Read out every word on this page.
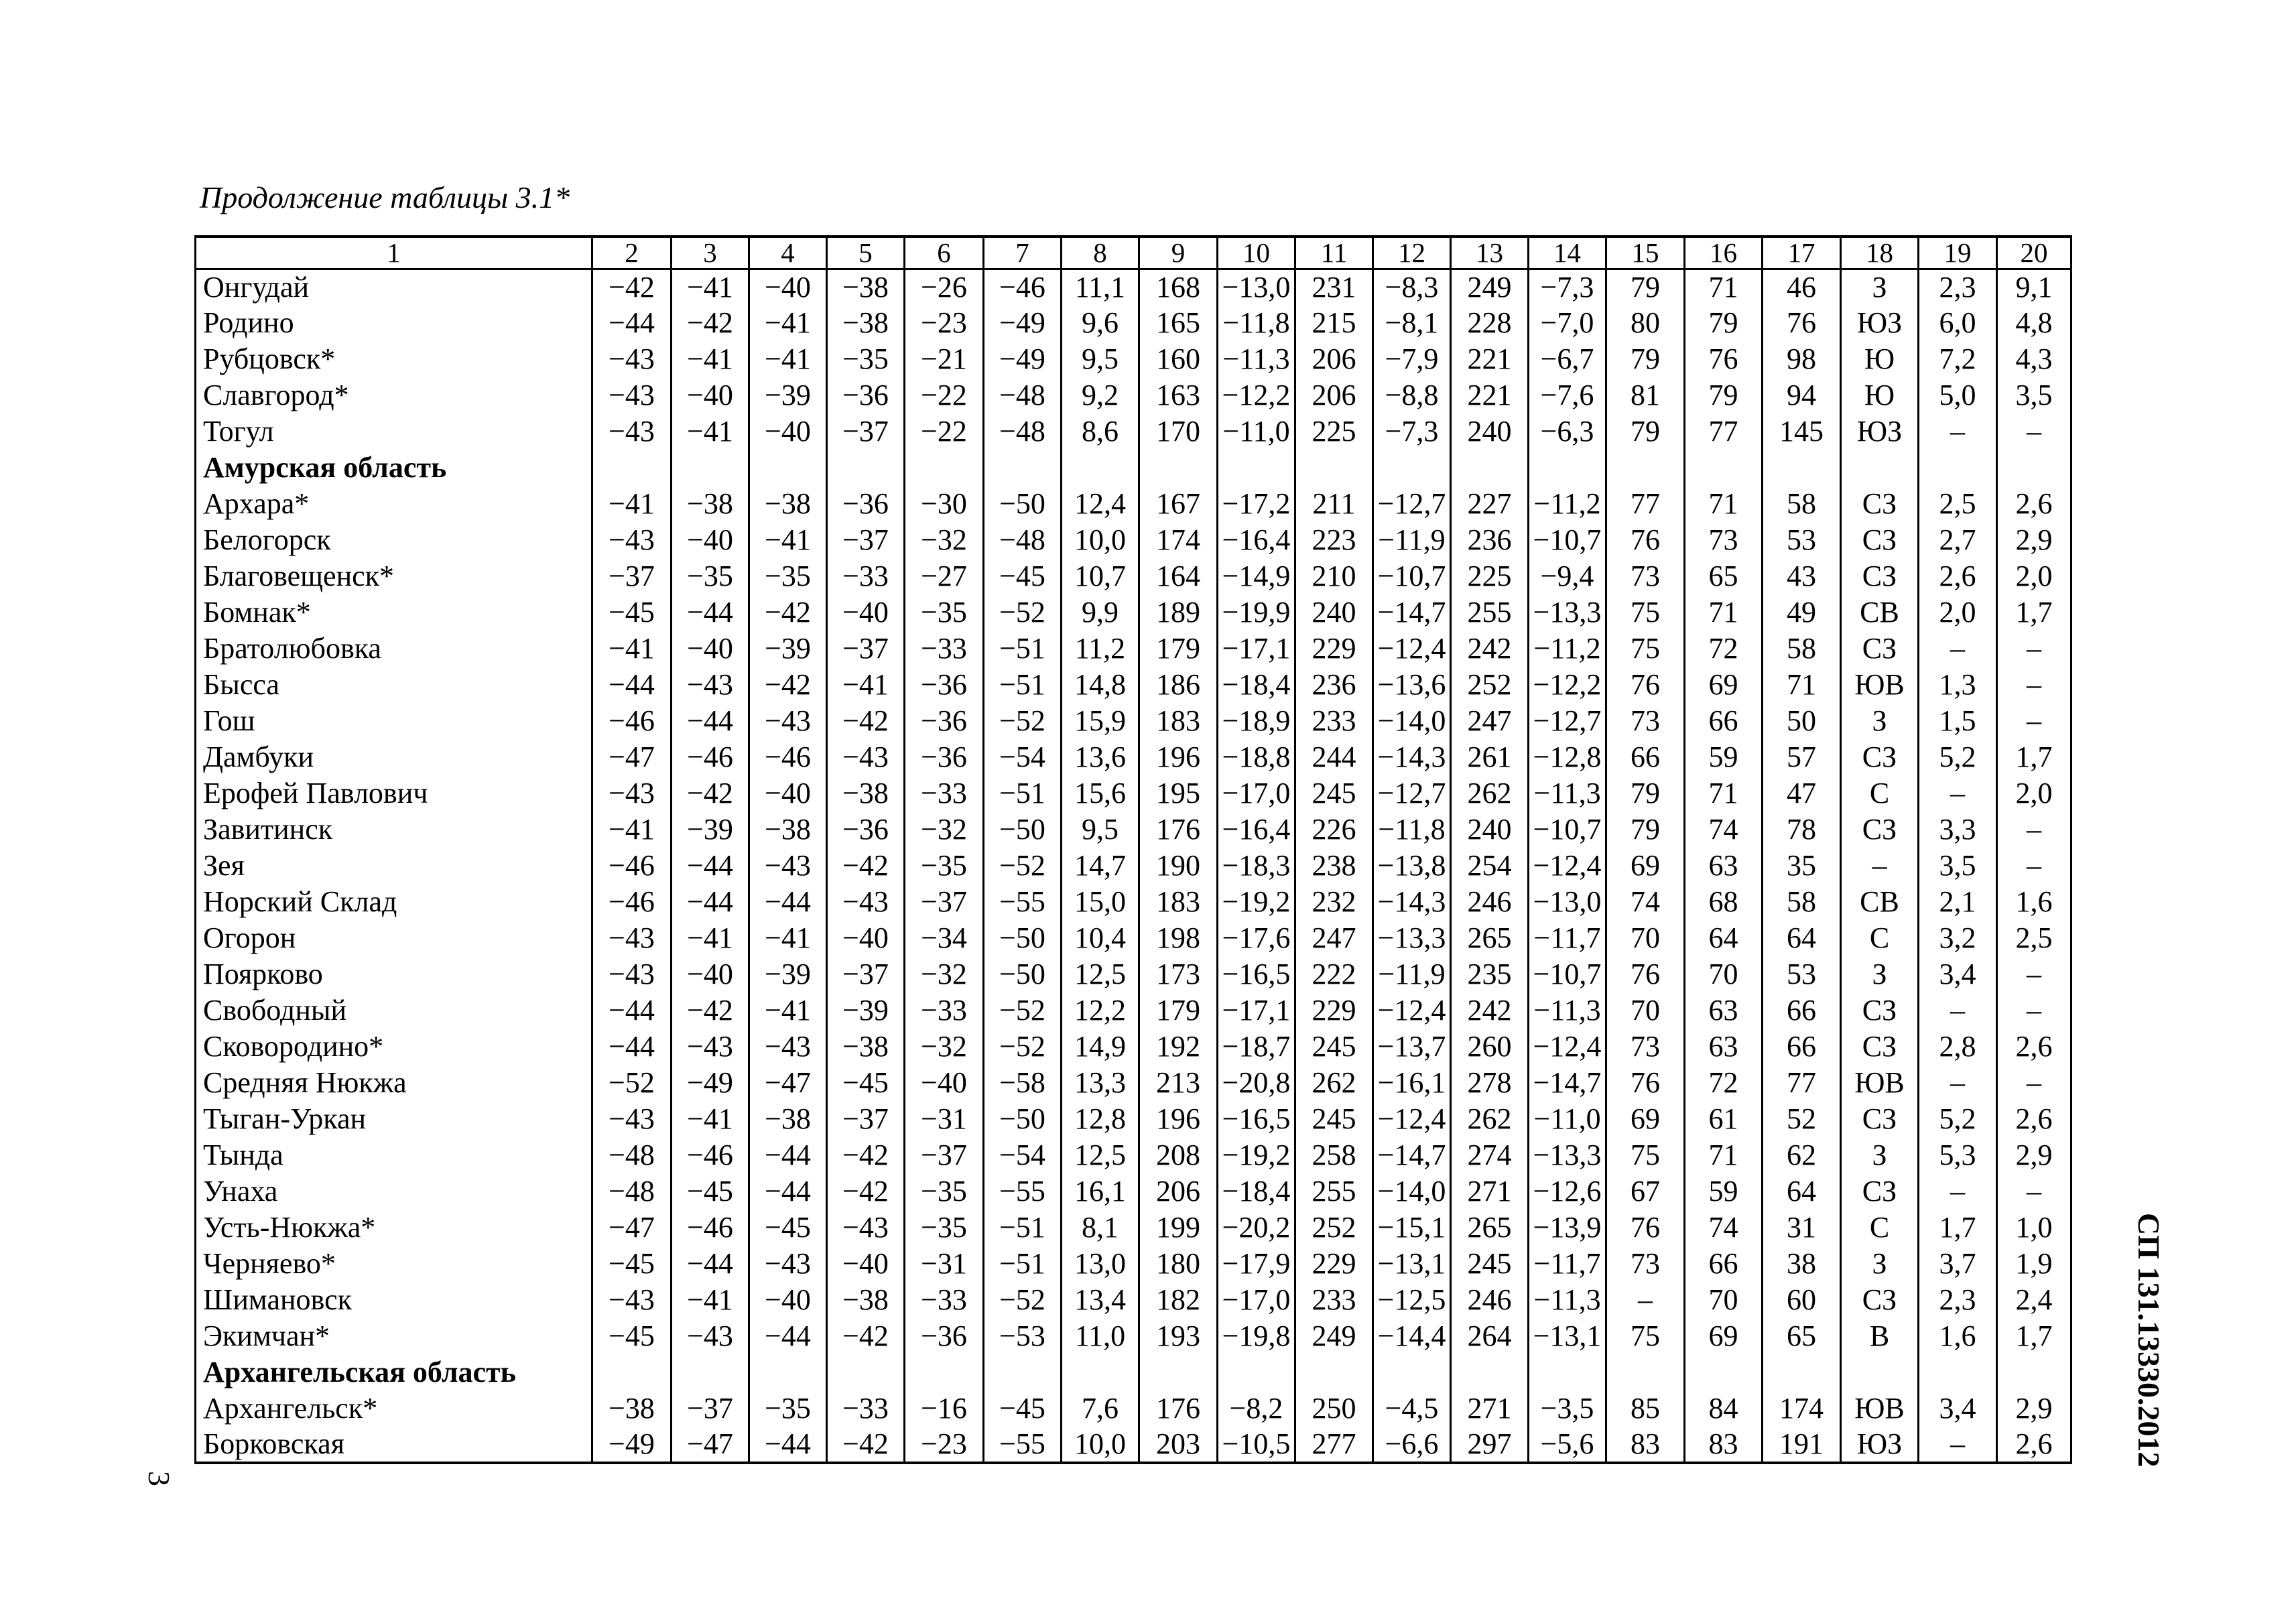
Продолжение таблицы 3.1*
1	2	3	4	5	6	7	8	9	10	11	12	13	14	15	16	17	18	19	20
Онгудай	−42	−41	−40	−38	−26	−46	11,1	168	−13,0	231	−8,3	249	−7,3	79	71	46	З	2,3	9,1
Родино	−44	−42	−41	−38	−23	−49	9,6	165	−11,8	215	−8,1	228	−7,0	80	79	76	ЮЗ	6,0	4,8
Рубцовск*	−43	−41	−41	−35	−21	−49	9,5	160	−11,3	206	−7,9	221	−6,7	79	76	98	Ю	7,2	4,3
Славгород*	−43	−40	−39	−36	−22	−48	9,2	163	−12,2	206	−8,8	221	−7,6	81	79	94	Ю	5,0	3,5
Тогул	−43	−41	−40	−37	−22	−48	8,6	170	−11,0	225	−7,3	240	−6,3	79	77	145	ЮЗ	–	–
Амурская область																			
Архара*	−41	−38	−38	−36	−30	−50	12,4	167	−17,2	211	−12,7	227	−11,2	77	71	58	СЗ	2,5	2,6
Белогорск	−43	−40	−41	−37	−32	−48	10,0	174	−16,4	223	−11,9	236	−10,7	76	73	53	СЗ	2,7	2,9
Благовещенск*	−37	−35	−35	−33	−27	−45	10,7	164	−14,9	210	−10,7	225	−9,4	73	65	43	СЗ	2,6	2,0
Бомнак*	−45	−44	−42	−40	−35	−52	9,9	189	−19,9	240	−14,7	255	−13,3	75	71	49	СВ	2,0	1,7
Братолюбовка	−41	−40	−39	−37	−33	−51	11,2	179	−17,1	229	−12,4	242	−11,2	75	72	58	СЗ	–	–
Бысса	−44	−43	−42	−41	−36	−51	14,8	186	−18,4	236	−13,6	252	−12,2	76	69	71	ЮВ	1,3	–
Гош	−46	−44	−43	−42	−36	−52	15,9	183	−18,9	233	−14,0	247	−12,7	73	66	50	З	1,5	–
Дамбуки	−47	−46	−46	−43	−36	−54	13,6	196	−18,8	244	−14,3	261	−12,8	66	59	57	СЗ	5,2	1,7
Ерофей Павлович	−43	−42	−40	−38	−33	−51	15,6	195	−17,0	245	−12,7	262	−11,3	79	71	47	С	–	2,0
Завитинск	−41	−39	−38	−36	−32	−50	9,5	176	−16,4	226	−11,8	240	−10,7	79	74	78	СЗ	3,3	–
Зея	−46	−44	−43	−42	−35	−52	14,7	190	−18,3	238	−13,8	254	−12,4	69	63	35	–	3,5	–
Норский Склад	−46	−44	−44	−43	−37	−55	15,0	183	−19,2	232	−14,3	246	−13,0	74	68	58	СВ	2,1	1,6
Огорон	−43	−41	−41	−40	−34	−50	10,4	198	−17,6	247	−13,3	265	−11,7	70	64	64	С	3,2	2,5
Поярково	−43	−40	−39	−37	−32	−50	12,5	173	−16,5	222	−11,9	235	−10,7	76	70	53	З	3,4	–
Свободный	−44	−42	−41	−39	−33	−52	12,2	179	−17,1	229	−12,4	242	−11,3	70	63	66	СЗ	–	–
Сковородино*	−44	−43	−43	−38	−32	−52	14,9	192	−18,7	245	−13,7	260	−12,4	73	63	66	СЗ	2,8	2,6
Средняя Нюкжа	−52	−49	−47	−45	−40	−58	13,3	213	−20,8	262	−16,1	278	−14,7	76	72	77	ЮВ	–	–
Тыган-Уркан	−43	−41	−38	−37	−31	−50	12,8	196	−16,5	245	−12,4	262	−11,0	69	61	52	СЗ	5,2	2,6
Тында	−48	−46	−44	−42	−37	−54	12,5	208	−19,2	258	−14,7	274	−13,3	75	71	62	З	5,3	2,9
Унаха	−48	−45	−44	−42	−35	−55	16,1	206	−18,4	255	−14,0	271	−12,6	67	59	64	СЗ	–	–
Усть-Нюкжа*	−47	−46	−45	−43	−35	−51	8,1	199	−20,2	252	−15,1	265	−13,9	76	74	31	С	1,7	1,0
Черняево*	−45	−44	−43	−40	−31	−51	13,0	180	−17,9	229	−13,1	245	−11,7	73	66	38	З	3,7	1,9
Шимановск	−43	−41	−40	−38	−33	−52	13,4	182	−17,0	233	−12,5	246	−11,3	–	70	60	СЗ	2,3	2,4
Экимчан*	−45	−43	−44	−42	−36	−53	11,0	193	−19,8	249	−14,4	264	−13,1	75	69	65	В	1,6	1,7
Архангельская область																			
Архангельск*	−38	−37	−35	−33	−16	−45	7,6	176	−8,2	250	−4,5	271	−3,5	85	84	174	ЮВ	3,4	2,9
Борковская	−49	−47	−44	−42	−23	−55	10,0	203	−10,5	277	−6,6	297	−5,6	83	83	191	ЮЗ	–	2,6	СП 131.13330.2012
3
